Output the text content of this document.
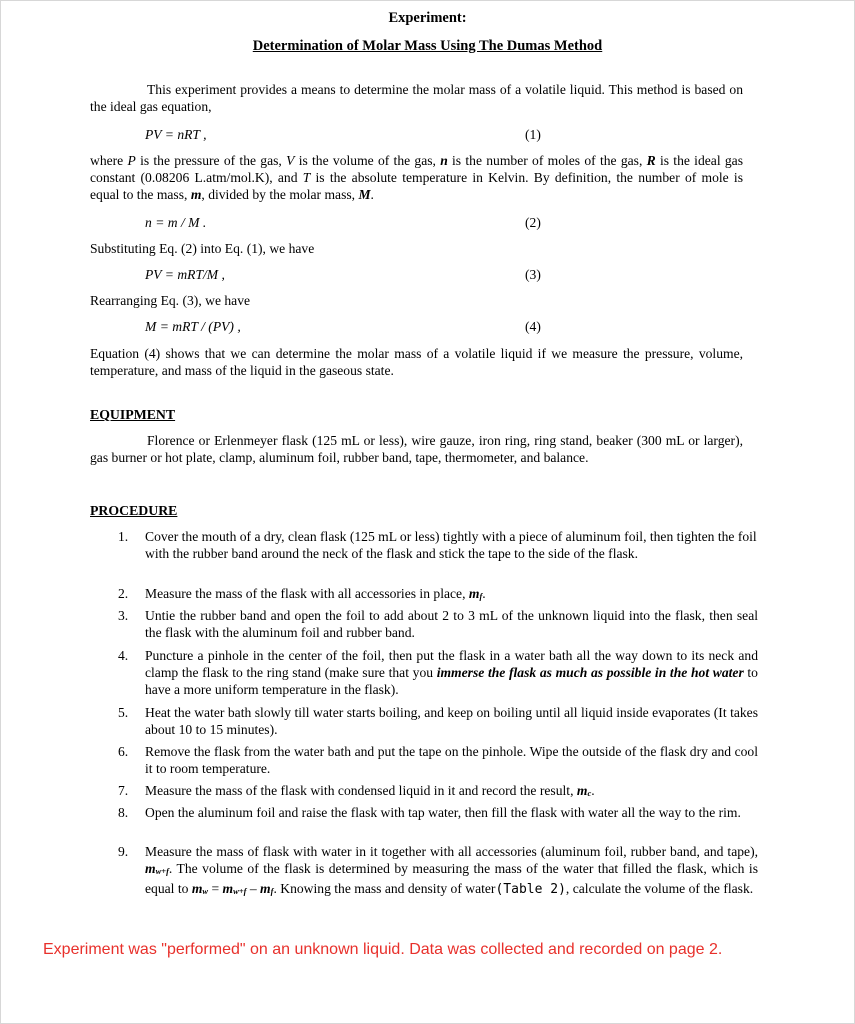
Experiment:
Determination of Molar Mass Using The Dumas Method
This experiment provides a means to determine the molar mass of a volatile liquid. This method is based on the ideal gas equation,
PV = nRT ,	(1)
where P is the pressure of the gas, V is the volume of the gas, n is the number of moles of the gas, R is the ideal gas constant (0.08206 L.atm/mol.K), and T is the absolute temperature in Kelvin. By definition, the number of mole is equal to the mass, m, divided by the molar mass, M.
n = m / M .	(2)
Substituting Eq. (2) into Eq. (1), we have
PV = mRT/M ,	(3)
Rearranging Eq. (3), we have
M = mRT / (PV) ,	(4)
Equation (4) shows that we can determine the molar mass of a volatile liquid if we measure the pressure, volume, temperature, and mass of the liquid in the gaseous state.
EQUIPMENT
Florence or Erlenmeyer flask (125 mL or less), wire gauze, iron ring, ring stand, beaker (300 mL or larger), gas burner or hot plate, clamp, aluminum foil, rubber band, tape, thermometer, and balance.
PROCEDURE
1. Cover the mouth of a dry, clean flask (125 mL or less) tightly with a piece of aluminum foil, then tighten the foil with the rubber band around the neck of the flask and stick the tape to the side of the flask.
2. Measure the mass of the flask with all accessories in place, mf.
3. Untie the rubber band and open the foil to add about 2 to 3 mL of the unknown liquid into the flask, then seal the flask with the aluminum foil and rubber band.
4. Puncture a pinhole in the center of the foil, then put the flask in a water bath all the way down to its neck and clamp the flask to the ring stand (make sure that you immerse the flask as much as possible in the hot water to have a more uniform temperature in the flask).
5. Heat the water bath slowly till water starts boiling, and keep on boiling until all liquid inside evaporates (It takes about 10 to 15 minutes).
6. Remove the flask from the water bath and put the tape on the pinhole. Wipe the outside of the flask dry and cool it to room temperature.
7. Measure the mass of the flask with condensed liquid in it and record the result, mc.
8. Open the aluminum foil and raise the flask with tap water, then fill the flask with water all the way to the rim.
9. Measure the mass of flask with water in it together with all accessories (aluminum foil, rubber band, and tape), mw+f. The volume of the flask is determined by measuring the mass of the water that filled the flask, which is equal to mw = mw+f – mf. Knowing the mass and density of water(Table 2), calculate the volume of the flask.
Experiment was "performed" on an unknown liquid. Data was collected and recorded on page 2.
